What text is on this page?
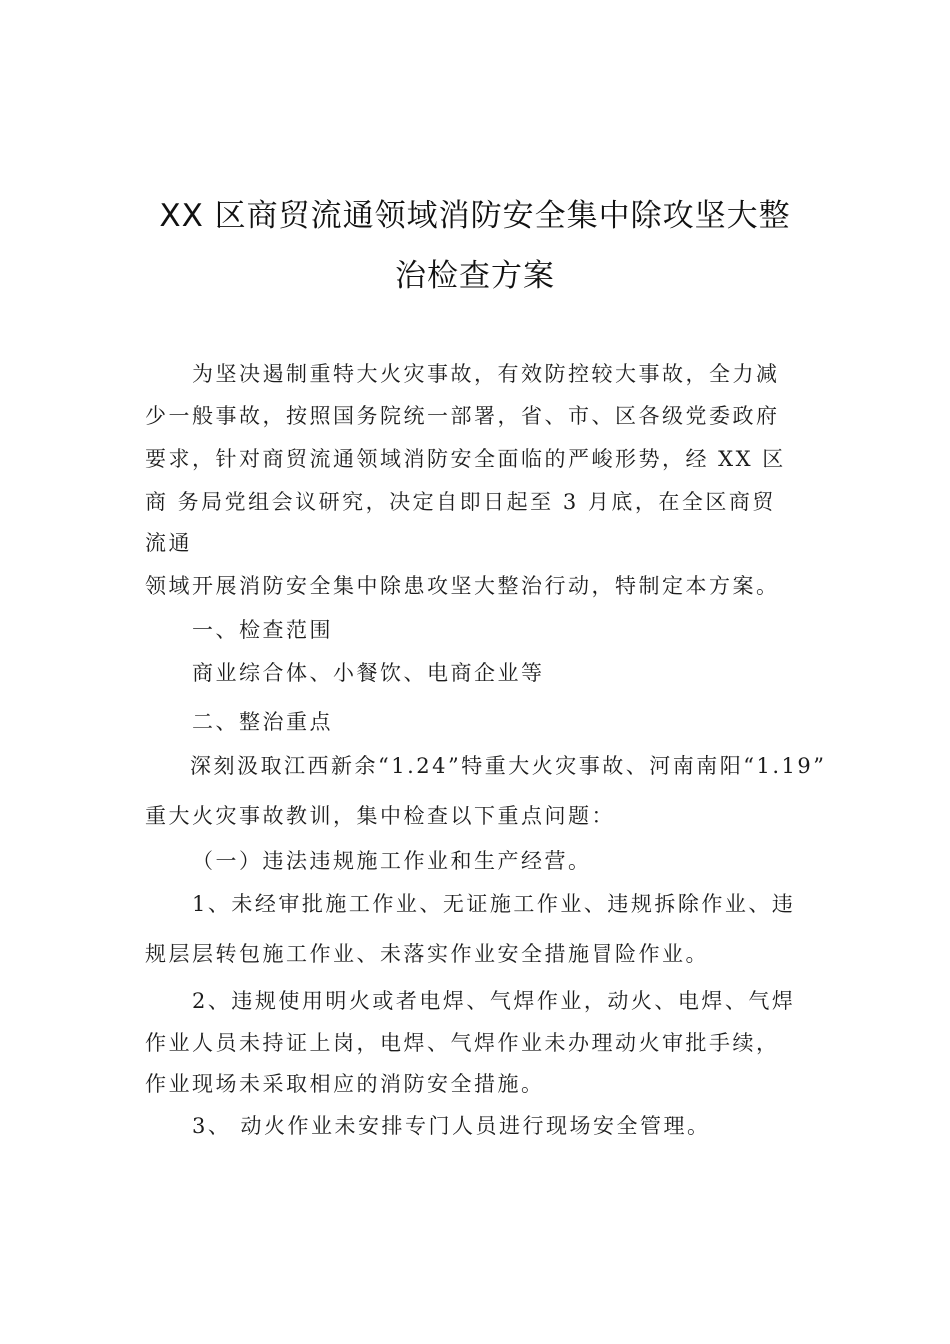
XX 区商贸流通领域消防安全集中除攻坚大整
治检查方案
为坚决遏制重特大火灾事故，有效防控较大事故，全力减
少一般事故，按照国务院统一部署，省、市、区各级党委政府
要求，针对商贸流通领域消防安全面临的严峻形势，经 XX 区
商 务局党组会议研究，决定自即日起至 3 月底，在全区商贸
流通
领域开展消防安全集中除患攻坚大整治行动，特制定本方案。
一、检查范围
商业综合体、小餐饮、电商企业等
二、整治重点
深刻汲取江西新余“1.24”特重大火灾事故、河南南阳“1.19”
重大火灾事故教训，集中检查以下重点问题：
（一）违法违规施工作业和生产经营。
1、未经审批施工作业、无证施工作业、违规拆除作业、违
规层层转包施工作业、未落实作业安全措施冒险作业。
2、违规使用明火或者电焊、气焊作业，动火、电焊、气焊
作业人员未持证上岗，电焊、气焊作业未办理动火审批手续，
作业现场未采取相应的消防安全措施。
3、 动火作业未安排专门人员进行现场安全管理。
